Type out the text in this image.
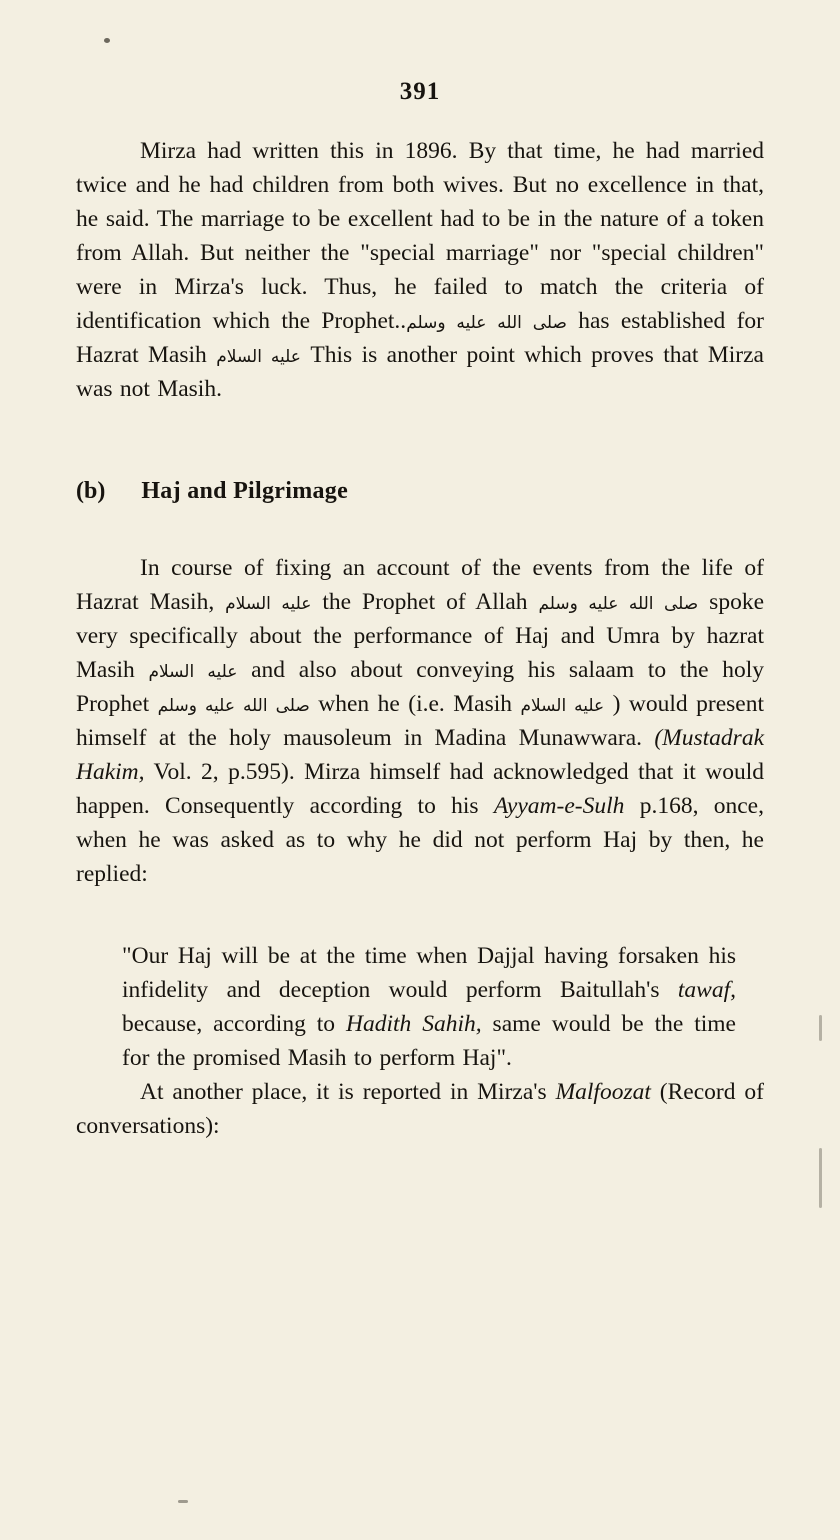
391

Mirza had written this in 1896. By that time, he had married twice and he had children from both wives. But no excellence in that, he said. The marriage to be excellent had to be in the nature of a token from Allah. But neither the "special marriage" nor "special children" were in Mirza's luck. Thus, he failed to match the criteria of identification which the Prophet..صلى الله عليه وسلم has established for Hazrat Masih عليه السلام This is another point which proves that Mirza was not Masih.

(b) Haj and Pilgrimage

In course of fixing an account of the events from the life of Hazrat Masih, عليه السلام the Prophet of Allah صلى الله عليه وسلم spoke very specifically about the performance of Haj and Umra by hazrat Masih عليه السلام and also about conveying his salaam to the holy Prophet صلى الله عليه وسلم when he (i.e. Masih عليه السلام ) would present himself at the holy mausoleum in Madina Munawwara. (Mustadrak Hakim, Vol. 2, p.595). Mirza himself had acknowledged that it would happen. Consequently according to his Ayyam-e-Sulh p.168, once, when he was asked as to why he did not perform Haj by then, he replied:

"Our Haj will be at the time when Dajjal having forsaken his infidelity and deception would perform Baitullah's tawaf, because, according to Hadith Sahih, same would be the time for the promised Masih to perform Haj".

At another place, it is reported in Mirza's Malfoozat (Record of conversations):
